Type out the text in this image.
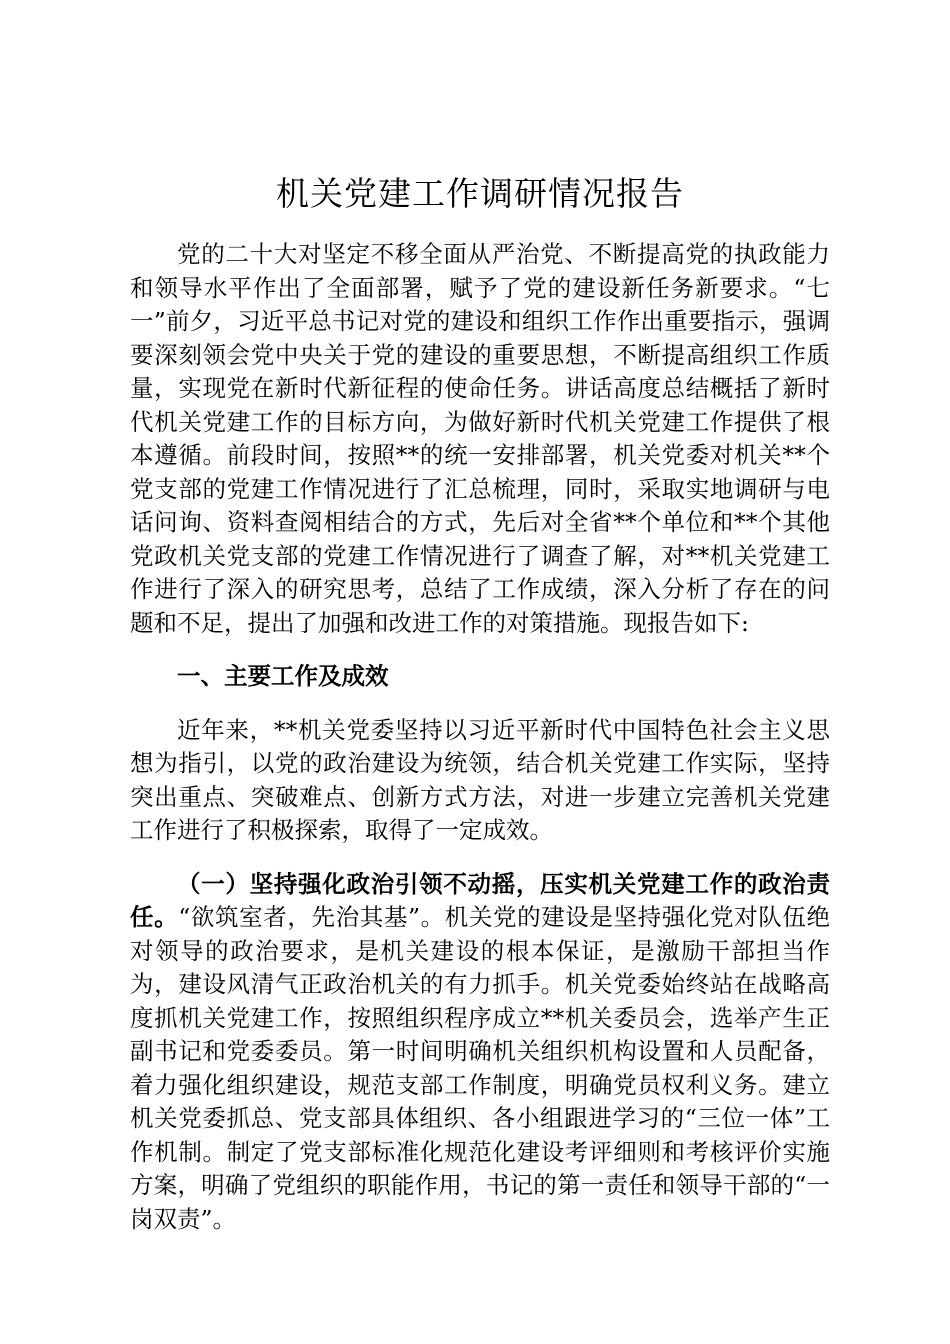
机关党建工作调研情况报告

党的二十大对坚定不移全面从严治党、不断提高党的执政能力和领导水平作出了全面部署，赋予了党的建设新任务新要求。“七一”前夕，习近平总书记对党的建设和组织工作作出重要指示，强调要深刻领会党中央关于党的建设的重要思想，不断提高组织工作质量，实现党在新时代新征程的使命任务。讲话高度总结概括了新时代机关党建工作的目标方向，为做好新时代机关党建工作提供了根本遵循。前段时间，按照**的统一安排部署，机关党委对机关**个党支部的党建工作情况进行了汇总梳理，同时，采取实地调研与电话问询、资料查阅相结合的方式，先后对全省**个单位和**个其他党政机关党支部的党建工作情况进行了调查了解，对**机关党建工作进行了深入的研究思考，总结了工作成绩，深入分析了存在的问题和不足，提出了加强和改进工作的对策措施。现报告如下:

一、主要工作及成效

近年来，**机关党委坚持以习近平新时代中国特色社会主义思想为指引，以党的政治建设为统领，结合机关党建工作实际，坚持突出重点、突破难点、创新方式方法，对进一步建立完善机关党建工作进行了积极探索，取得了一定成效。

（一）坚持强化政治引领不动摇，压实机关党建工作的政治责任。“欲筑室者，先治其基”。机关党的建设是坚持强化党对队伍绝对领导的政治要求，是机关建设的根本保证，是激励干部担当作为，建设风清气正政治机关的有力抓手。机关党委始终站在战略高度抓机关党建工作，按照组织程序成立**机关委员会，选举产生正副书记和党委委员。第一时间明确机关组织机构设置和人员配备，着力强化组织建设，规范支部工作制度，明确党员权利义务。建立机关党委抓总、党支部具体组织、各小组跟进学习的“三位一体”工作机制。制定了党支部标准化规范化建设考评细则和考核评价实施方案，明确了党组织的职能作用，书记的第一责任和领导干部的“一岗双责”。
